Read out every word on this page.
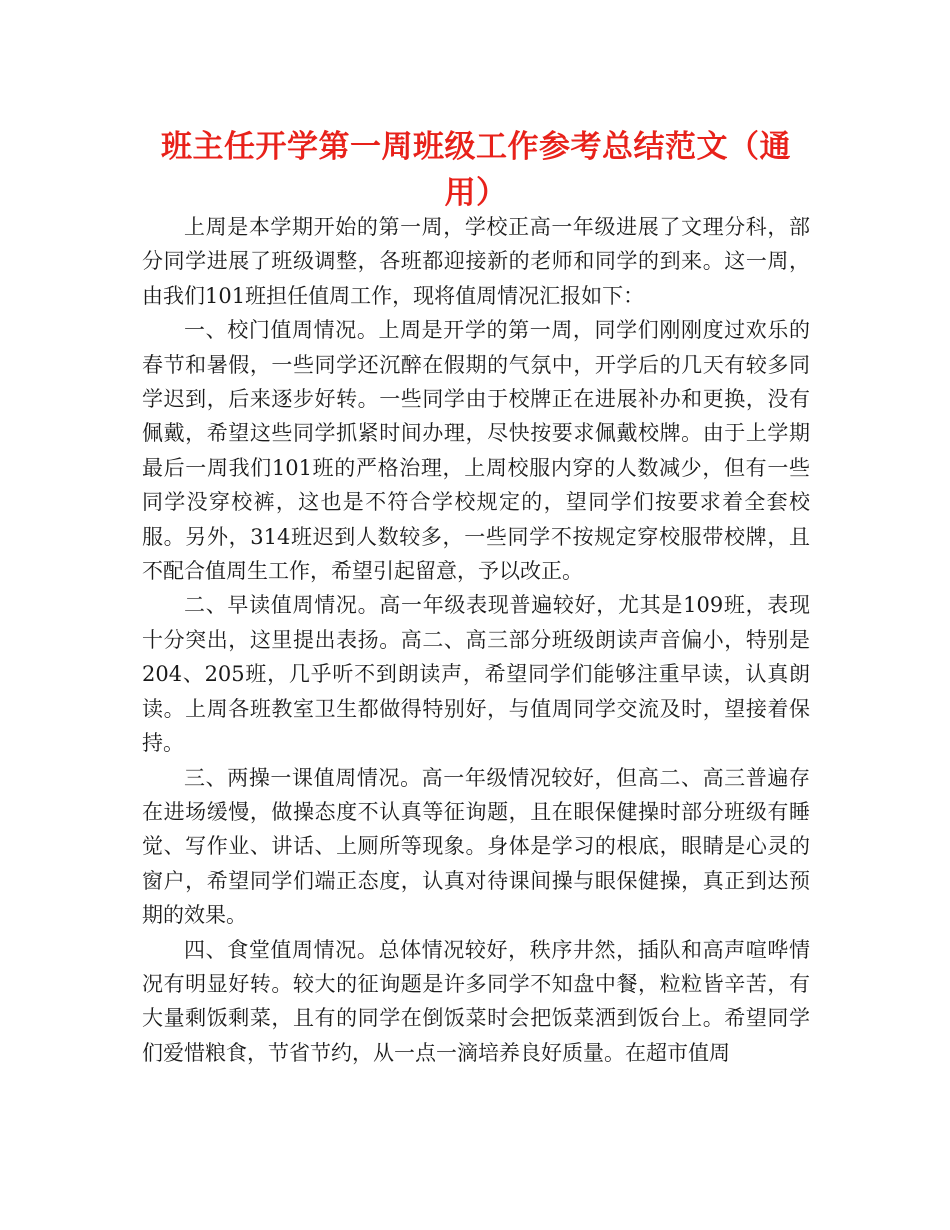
班主任开学第一周班级工作参考总结范文（通用）

上周是本学期开始的第一周，学校正高一年级进展了文理分科，部分同学进展了班级调整，各班都迎接新的老师和同学的到来。这一周，由我们101班担任值周工作，现将值周情况汇报如下：

一、校门值周情况。上周是开学的第一周，同学们刚刚度过欢乐的春节和暑假，一些同学还沉醉在假期的气氛中，开学后的几天有较多同学迟到，后来逐步好转。一些同学由于校牌正在进展补办和更换，没有佩戴，希望这些同学抓紧时间办理，尽快按要求佩戴校牌。由于上学期最后一周我们101班的严格治理，上周校服内穿的人数减少，但有一些同学没穿校裤，这也是不符合学校规定的，望同学们按要求着全套校服。另外，314班迟到人数较多，一些同学不按规定穿校服带校牌，且不配合值周生工作，希望引起留意，予以改正。

二、早读值周情况。高一年级表现普遍较好，尤其是109班，表现十分突出，这里提出表扬。高二、高三部分班级朗读声音偏小，特别是204、205班，几乎听不到朗读声，希望同学们能够注重早读，认真朗读。上周各班教室卫生都做得特别好，与值周同学交流及时，望接着保持。

三、两操一课值周情况。高一年级情况较好，但高二、高三普遍存在进场缓慢，做操态度不认真等征询题，且在眼保健操时部分班级有睡觉、写作业、讲话、上厕所等现象。身体是学习的根底，眼睛是心灵的窗户，希望同学们端正态度，认真对待课间操与眼保健操，真正到达预期的效果。

四、食堂值周情况。总体情况较好，秩序井然，插队和高声喧哗情况有明显好转。较大的征询题是许多同学不知盘中餐，粒粒皆辛苦，有大量剩饭剩菜，且有的同学在倒饭菜时会把饭菜洒到饭台上。希望同学们爱惜粮食，节省节约，从一点一滴培养良好质量。在超市值周
